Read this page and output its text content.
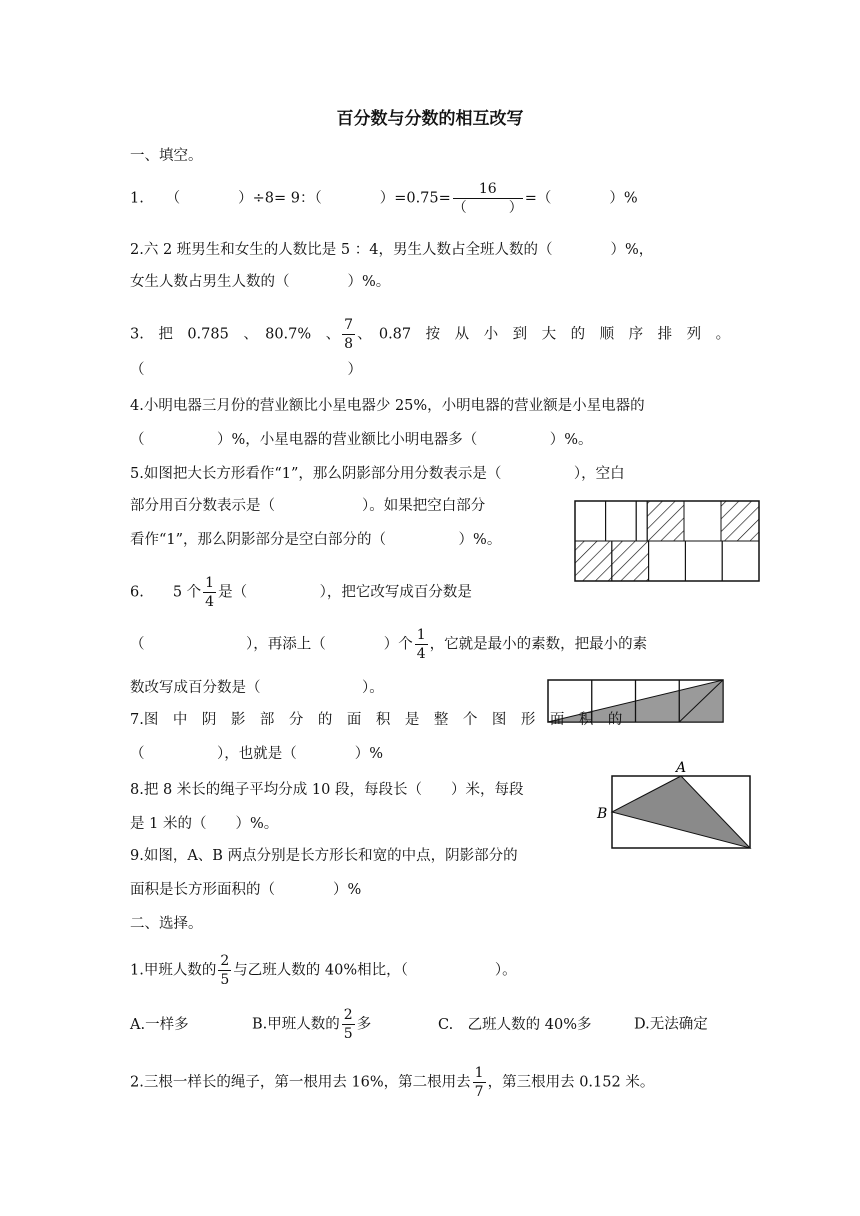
百分数与分数的相互改写
一、填空。
1.　　（　　　　）÷8= 9：（　　　　）$=0.75= \frac{16}{( )}$ =（　　　　）%
2.六 2 班男生和女生的人数比是 5 ：4，男生人数占全班人数的（　　　　）%，
女生人数占男生人数的（　　　　）%。
3.　把　0.785　、　80.7%　、 $\frac{7}{8}$ 、　0.87　按　从　小　到　大　的　顺　序　排　列　。
（　　　　　　　　　　　　　　）
4.小明电器三月份的营业额比小星电器少 25%，小明电器的营业额是小星电器的
（　　　　　）%，小星电器的营业额比小明电器多（　　　　　）%。
5.如图把大长方形看作“1”，那么阴影部分用分数表示是（　　　　　），空白
部分用百分数表示是（　　　　　　）。如果把空白部分
看作“1”，那么阴影部分是空白部分的（　　　　　）%。
6.　　5 个 $\frac{1}{4}$ 是（　　　　　），把它改写成百分数是
（　　　　　　　），再添上（　　　　）个 $\frac{1}{4}$ ，它就是最小的素数，把最小的素
数改写成百分数是（　　　　　　　）。
7.图　中　阴　影　部　分　的　面　积　是　整　个　图　形　面　积　的
（　　　　　），也就是（　　　　）%
8.把 8 米长的绳子平均分成 10 段，每段长（　　）米，每段
是 1 米的（　　）%。
A
B
9.如图，A、B 两点分别是长方形长和宽的中点，阴影部分的
面积是长方形面积的（　　　　）%
二、选择。
1.甲班人数的 $\frac{2}{5}$ 与乙班人数的 40%相比，（　　　　　　）。
A.一样多	B.甲班人数的 $\frac{2}{5}$ 多	C.　乙班人数的 40%多	D.无法确定
2.三根一样长的绳子，第一根用去 16%，第二根用去 $\frac{1}{7}$ ，第三根用去 0.152 米。
